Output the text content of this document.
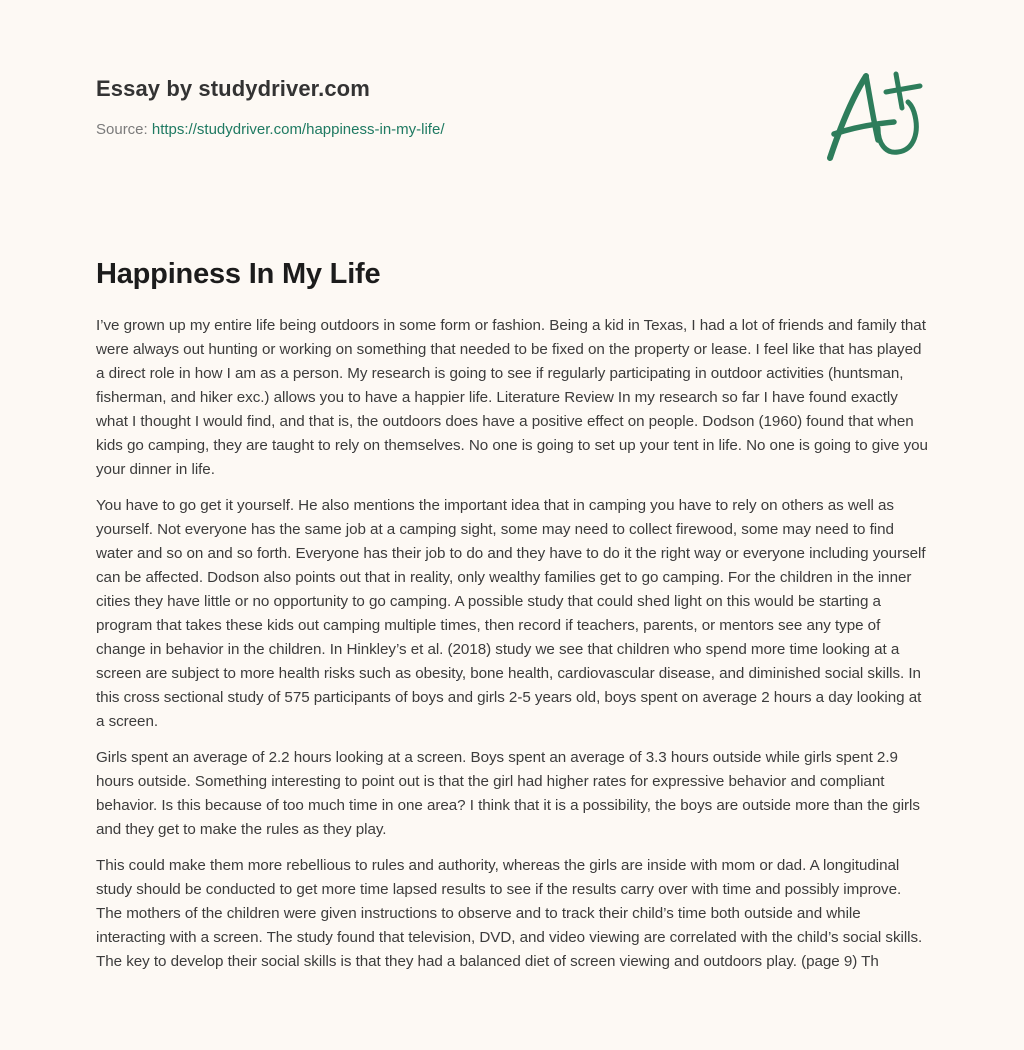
Essay by studydriver.com
Source: https://studydriver.com/happiness-in-my-life/
Happiness In My Life

I’ve grown up my entire life being outdoors in some form or fashion. Being a kid in Texas, I had a lot of friends and family that were always out hunting or working on something that needed to be fixed on the property or lease. I feel like that has played a direct role in how I am as a person. My research is going to see if regularly participating in outdoor activities (huntsman, fisherman, and hiker exc.) allows you to have a happier life. Literature Review In my research so far I have found exactly what I thought I would find, and that is, the outdoors does have a positive effect on people. Dodson (1960) found that when kids go camping, they are taught to rely on themselves. No one is going to set up your tent in life. No one is going to give you your dinner in life.

You have to go get it yourself. He also mentions the important idea that in camping you have to rely on others as well as yourself. Not everyone has the same job at a camping sight, some may need to collect firewood, some may need to find water and so on and so forth. Everyone has their job to do and they have to do it the right way or everyone including yourself can be affected. Dodson also points out that in reality, only wealthy families get to go camping. For the children in the inner cities they have little or no opportunity to go camping. A possible study that could shed light on this would be starting a program that takes these kids out camping multiple times, then record if teachers, parents, or mentors see any type of change in behavior in the children. In Hinkley’s et al. (2018) study we see that children who spend more time looking at a screen are subject to more health risks such as obesity, bone health, cardiovascular disease, and diminished social skills. In this cross sectional study of 575 participants of boys and girls 2-5 years old, boys spent on average 2 hours a day looking at a screen.

Girls spent an average of 2.2 hours looking at a screen. Boys spent an average of 3.3 hours outside while girls spent 2.9 hours outside. Something interesting to point out is that the girl had higher rates for expressive behavior and compliant behavior. Is this because of too much time in one area? I think that it is a possibility, the boys are outside more than the girls and they get to make the rules as they play.

This could make them more rebellious to rules and authority, whereas the girls are inside with mom or dad. A longitudinal study should be conducted to get more time lapsed results to see if the results carry over with time and possibly improve. The mothers of the children were given instructions to observe and to track their child’s time both outside and while interacting with a screen. The study found that television, DVD, and video viewing are correlated with the child’s social skills. The key to develop their social skills is that they had a balanced diet of screen viewing and outdoors play. (page 9) Th
